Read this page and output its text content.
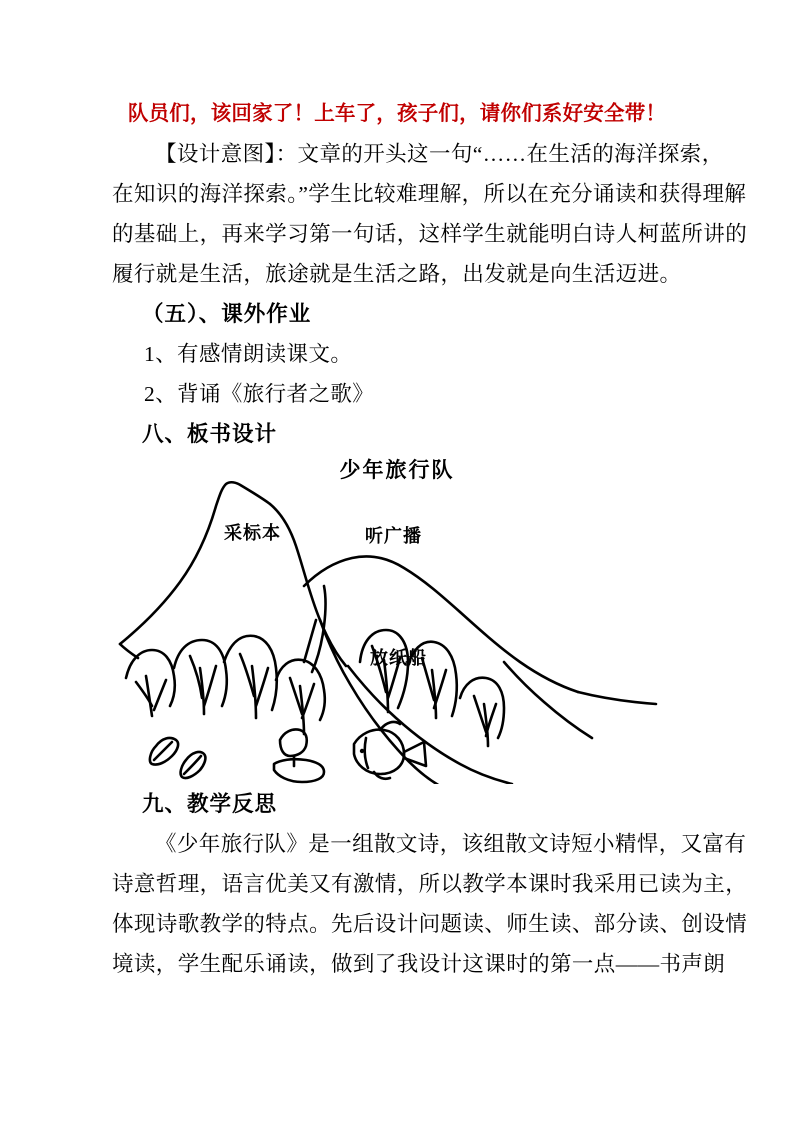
队员们，该回家了！上车了，孩子们，请你们系好安全带！
【设计意图】：文章的开头这一句“……在生活的海洋探索，
在知识的海洋探索。”学生比较难理解，所以在充分诵读和获得理解
的基础上，再来学习第一句话，这样学生就能明白诗人柯蓝所讲的
履行就是生活，旅途就是生活之路，出发就是向生活迈进。
（五）、课外作业
1、有感情朗读课文。
2、背诵《旅行者之歌》
八、板书设计
少年旅行队
采标本	听广播
放纸船
九、教学反思
《少年旅行队》是一组散文诗，该组散文诗短小精悍，又富有
诗意哲理，语言优美又有激情，所以教学本课时我采用已读为主，
体现诗歌教学的特点。先后设计问题读、师生读、部分读、创设情
境读，学生配乐诵读，做到了我设计这课时的第一点——书声朗
